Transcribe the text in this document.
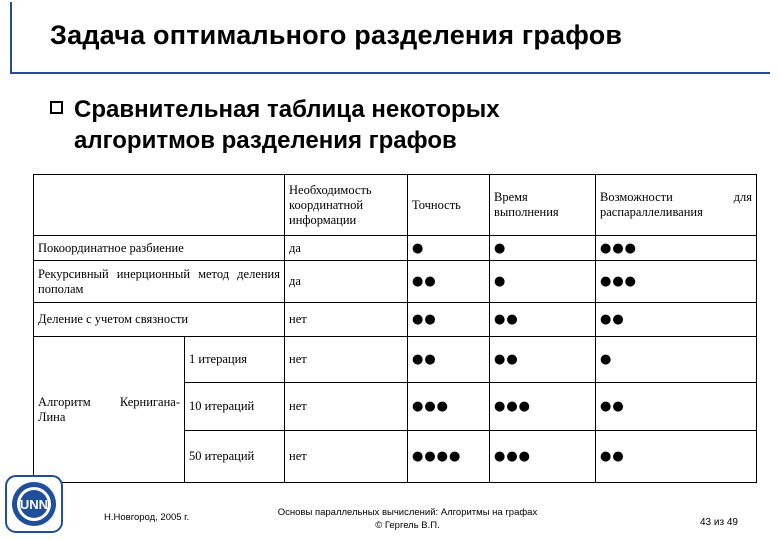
Задача оптимального разделения графов
Сравнительная таблица некоторых
алгоритмов разделения графов
		Необходимость координатной информации	Точность	Время выполнения	Возможности для распараллеливания
Покоординатное разбиение		да	●	●	●●●
Рекурсивный инерционный метод деления пополам		да	●●	●	●●●
Деление с учетом связности		нет	●●	●●	●●
Алгоритм Кернигана-Лина	1 итерация	нет	●●	●●	●
	10 итераций	нет	●●●	●●●	●●
	50 итераций	нет	●●●●	●●●	●●
UNN
Н.Новгород, 2005 г.	Основы параллельных вычислений: Алгоритмы на графах
© Гергель В.П.	43 из 49
